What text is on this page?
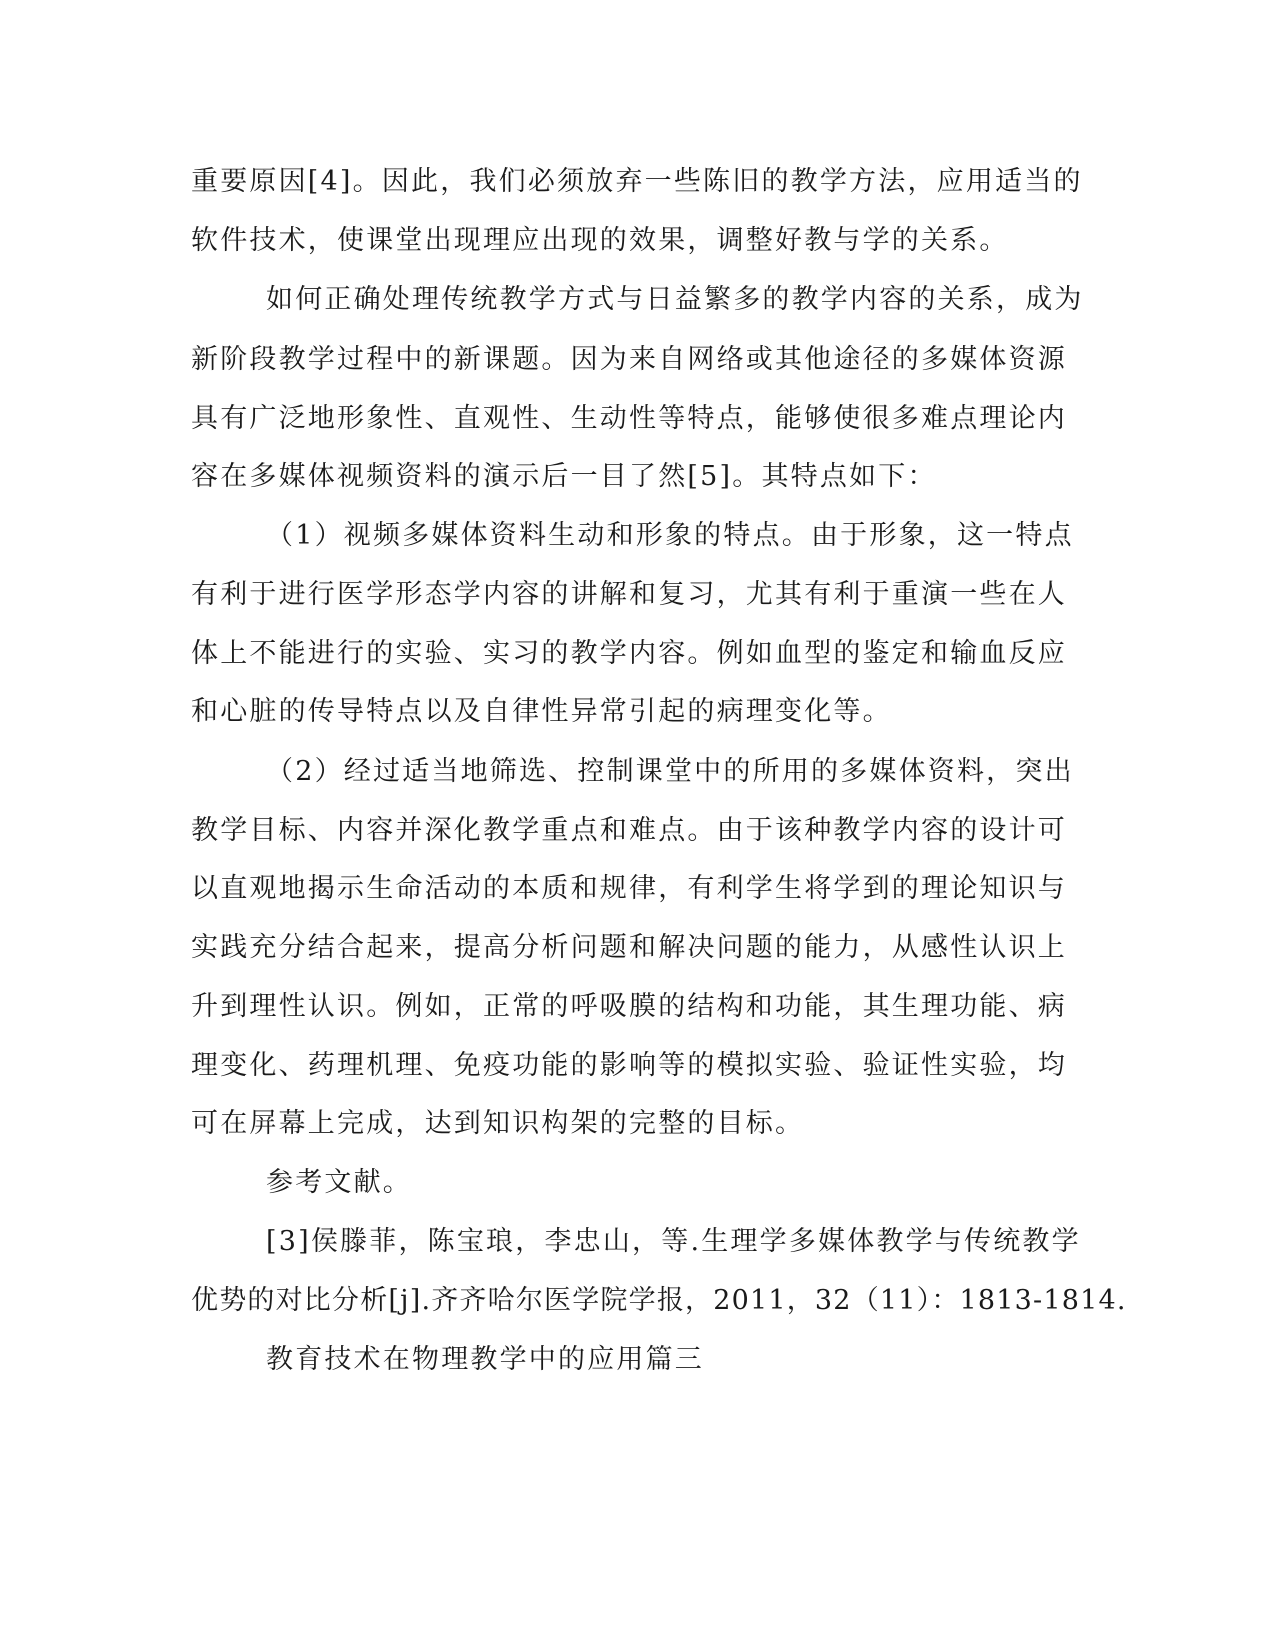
重要原因[4]。因此，我们必须放弃一些陈旧的教学方法，应用适当的
软件技术，使课堂出现理应出现的效果，调整好教与学的关系。
如何正确处理传统教学方式与日益繁多的教学内容的关系，成为
新阶段教学过程中的新课题。因为来自网络或其他途径的多媒体资源
具有广泛地形象性、直观性、生动性等特点，能够使很多难点理论内
容在多媒体视频资料的演示后一目了然[5]。其特点如下：
（1）视频多媒体资料生动和形象的特点。由于形象，这一特点
有利于进行医学形态学内容的讲解和复习，尤其有利于重演一些在人
体上不能进行的实验、实习的教学内容。例如血型的鉴定和输血反应
和心脏的传导特点以及自律性异常引起的病理变化等。
（2）经过适当地筛选、控制课堂中的所用的多媒体资料，突出
教学目标、内容并深化教学重点和难点。由于该种教学内容的设计可
以直观地揭示生命活动的本质和规律，有利学生将学到的理论知识与
实践充分结合起来，提高分析问题和解决问题的能力，从感性认识上
升到理性认识。例如，正常的呼吸膜的结构和功能，其生理功能、病
理变化、药理机理、免疫功能的影响等的模拟实验、验证性实验，均
可在屏幕上完成，达到知识构架的完整的目标。
参考文献。
[3]侯滕菲，陈宝琅，李忠山，等.生理学多媒体教学与传统教学
优势的对比分析[j].齐齐哈尔医学院学报，2011，32（11）：1813-1814.
教育技术在物理教学中的应用篇三
